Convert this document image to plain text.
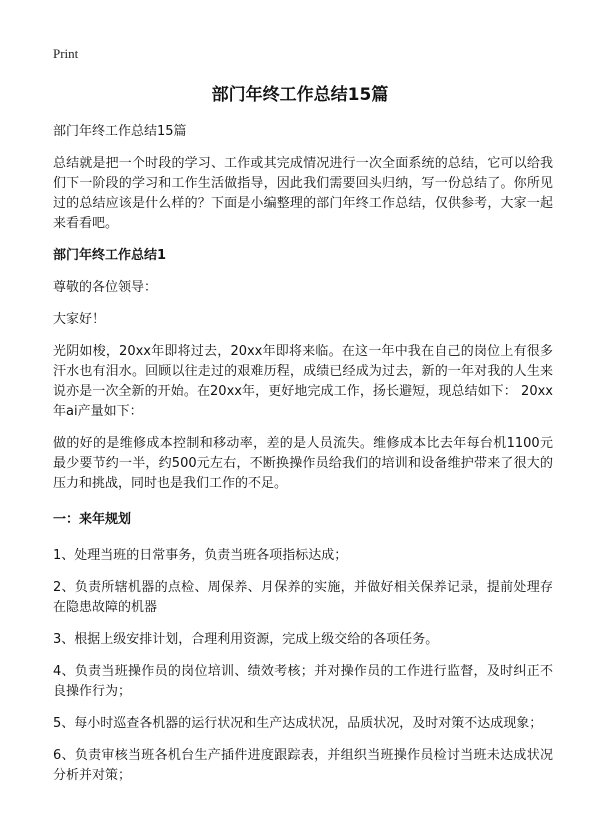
Print
部门年终工作总结15篇

部门年终工作总结15篇

总结就是把一个时段的学习、工作或其完成情况进行一次全面系统的总结，它可以给我们下一阶段的学习和工作生活做指导，因此我们需要回头归纳，写一份总结了。你所见过的总结应该是什么样的？下面是小编整理的部门年终工作总结，仅供参考，大家一起来看看吧。

部门年终工作总结1

尊敬的各位领导：

大家好！

光阴如梭，20xx年即将过去，20xx年即将来临。在这一年中我在自己的岗位上有很多汗水也有泪水。回顾以往走过的艰难历程，成绩已经成为过去，新的一年对我的人生来说亦是一次全新的开始。在20xx年，更好地完成工作，扬长避短，现总结如下： 20xx年ai产量如下：

做的好的是维修成本控制和移动率，差的是人员流失。维修成本比去年每台机1100元最少要节约一半，约500元左右，不断换操作员给我们的培训和设备维护带来了很大的压力和挑战，同时也是我们工作的不足。

一：来年规划

1、处理当班的日常事务，负责当班各项指标达成；

2、负责所辖机器的点检、周保养、月保养的实施，并做好相关保养记录，提前处理存在隐患故障的机器

3、根据上级安排计划，合理利用资源，完成上级交给的各项任务。

4、负责当班操作员的岗位培训、绩效考核；并对操作员的工作进行监督，及时纠正不良操作行为；

5、每小时巡查各机器的运行状况和生产达成状况，品质状况，及时对策不达成现象；

6、负责审核当班各机台生产插件进度跟踪表，并组织当班操作员检讨当班未达成状况分析并对策；
